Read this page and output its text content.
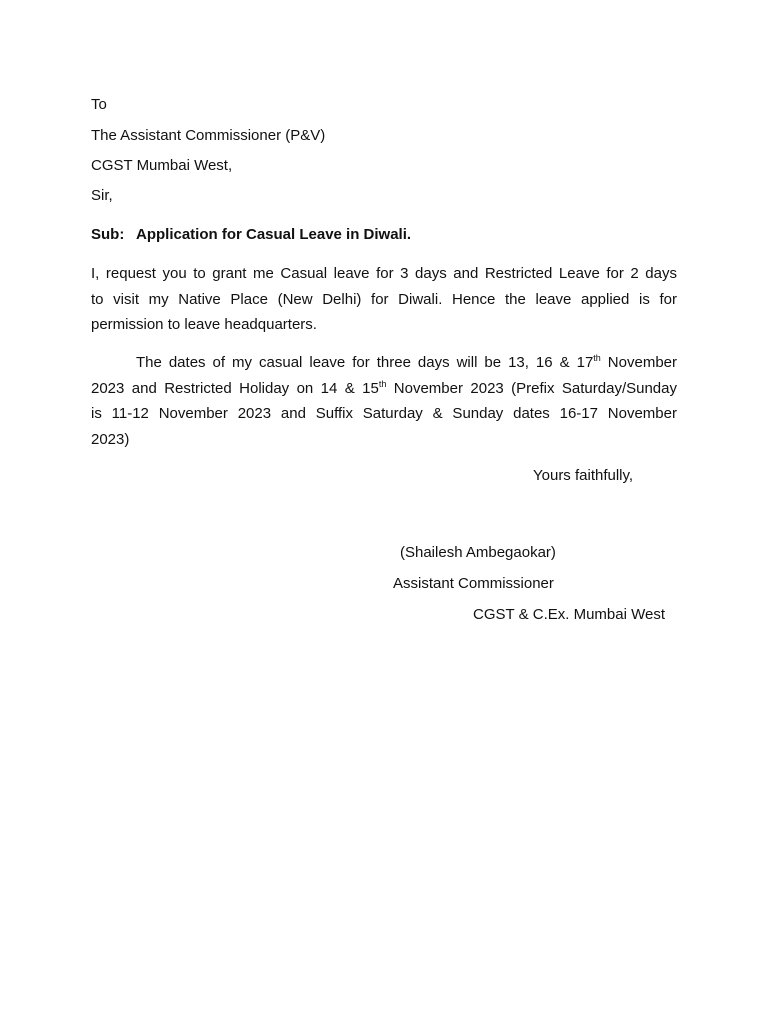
To
The Assistant Commissioner (P&V)
CGST Mumbai West,
Sir,
Sub: Application for Casual Leave in Diwali.
I, request you to grant me Casual leave for 3 days and Restricted Leave for 2 days
to visit my Native Place (New Delhi) for Diwali. Hence the leave applied is for
permission to leave headquarters.
The dates of my casual leave for three days will be 13, 16 & 17th November
2023 and Restricted Holiday on 14 & 15th November 2023 (Prefix Saturday/Sunday
is 11-12 November 2023 and Suffix Saturday & Sunday dates 16-17 November
2023)
Yours faithfully,
(Shailesh Ambegaokar)
Assistant Commissioner
CGST & C.Ex. Mumbai West
